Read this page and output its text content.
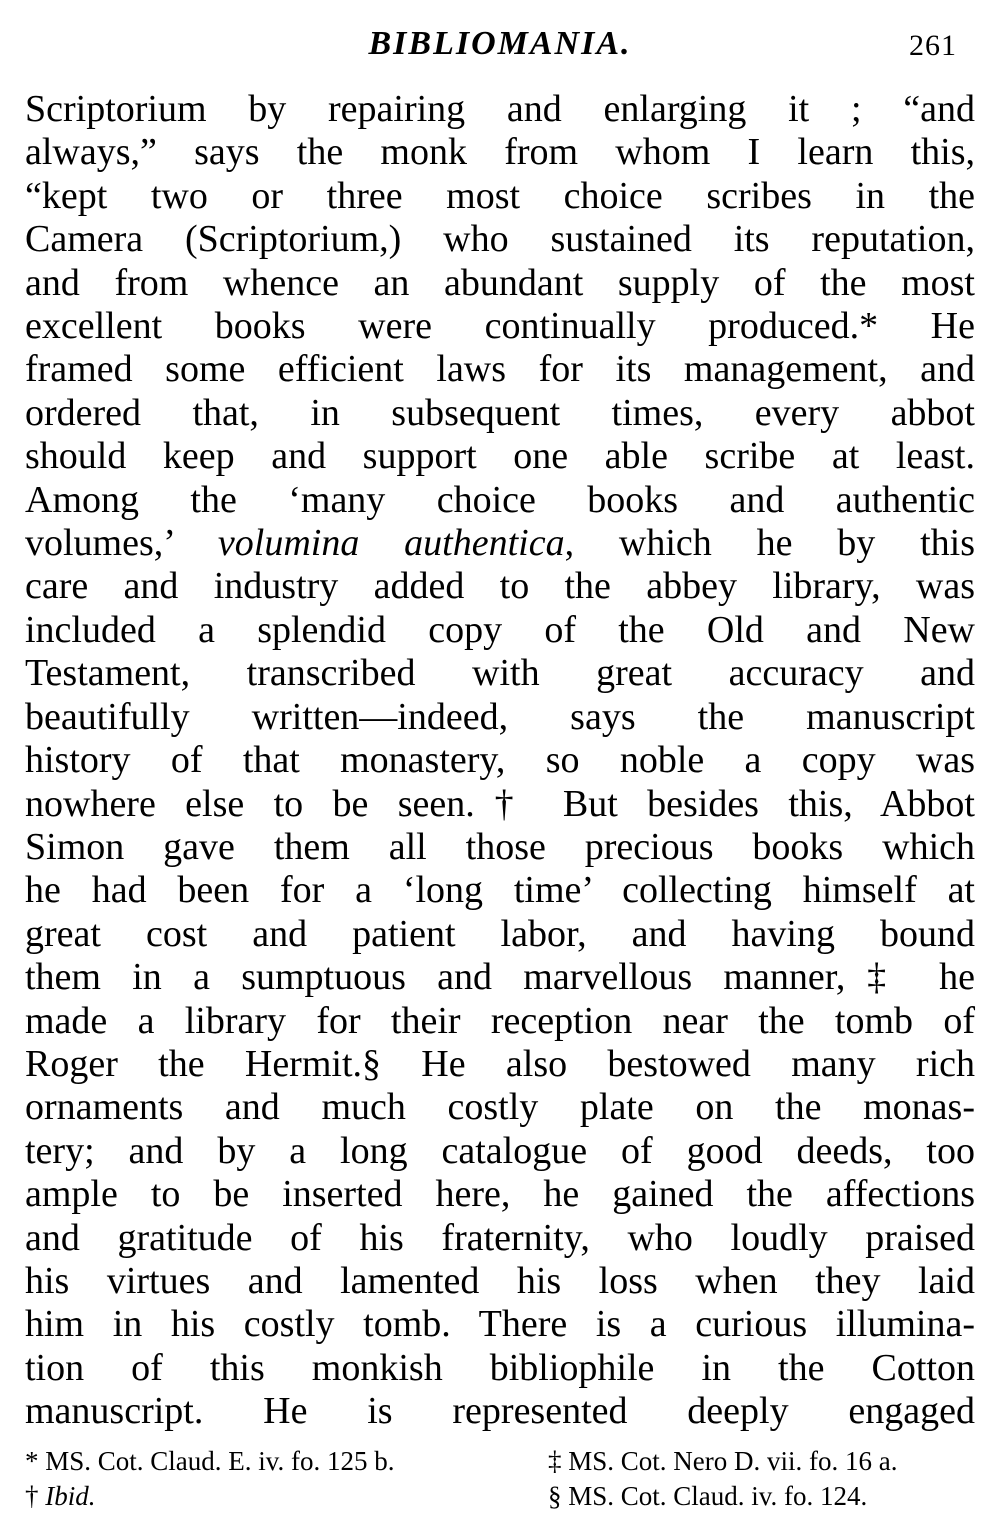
BIBLIOMANIA.	261
Scriptorium by repairing and enlarging it ; “and
always,” says the monk from whom I learn this,
“kept two or three most choice scribes in the
Camera (Scriptorium,) who sustained its reputation,
and from whence an abundant supply of the most
excellent books were continually produced.* He
framed some efficient laws for its management, and
ordered that, in subsequent times, every abbot
should keep and support one able scribe at least.
Among the ‘many choice books and authentic
volumes,’ volumina authentica, which he by this
care and industry added to the abbey library, was
included a splendid copy of the Old and New
Testament, transcribed with great accuracy and
beautifully written—indeed, says the manuscript
history of that monastery, so noble a copy was
nowhere else to be seen.† But besides this, Abbot
Simon gave them all those precious books which
he had been for a ‘long time’ collecting himself at
great cost and patient labor, and having bound
them in a sumptuous and marvellous manner,‡ he
made a library for their reception near the tomb of
Roger the Hermit.§ He also bestowed many rich
ornaments and much costly plate on the monas-
tery; and by a long catalogue of good deeds, too
ample to be inserted here, he gained the affections
and gratitude of his fraternity, who loudly praised
his virtues and lamented his loss when they laid
him in his costly tomb. There is a curious illumina-
tion of this monkish bibliophile in the Cotton
manuscript. He is represented deeply engaged
* MS. Cot. Claud. E. iv. fo. 125 b.
† Ibid.
‡ MS. Cot. Nero D. vii. fo. 16 a.
§ MS. Cot. Claud. iv. fo. 124.
